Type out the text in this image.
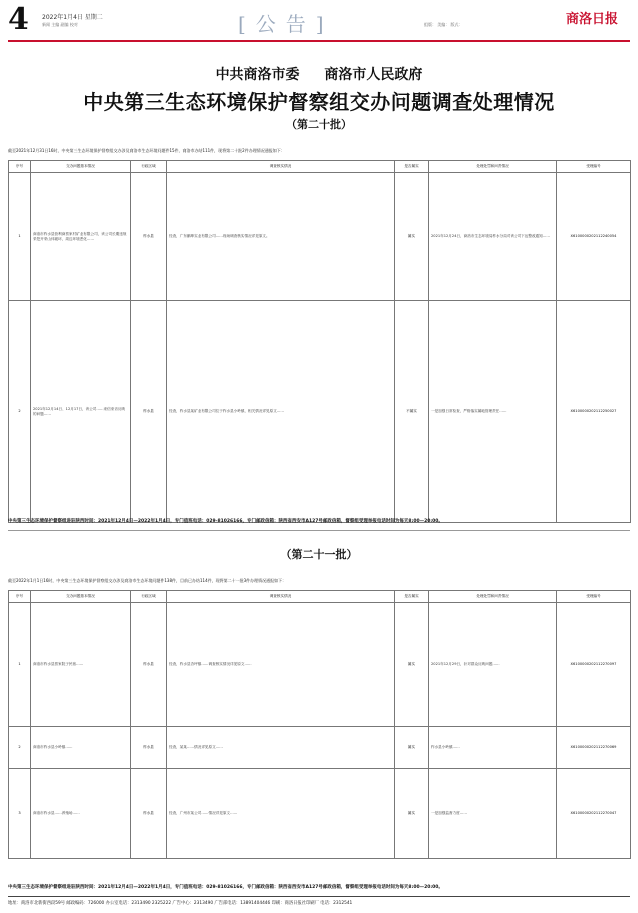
4 2022年1月4日 星期二
新闻 主编 副编 校对	[公告]	组版： 美编： 版式：	商洛日报
中共商洛市委 商洛市人民政府
中央第三生态环境保护督察组交办问题调查处理情况
（第二十批）
截至2021年12月31日16时，中央第三生态环境保护督察组交办涉及商洛市生态环境问题件15件，商洛市办结111件，现将第二十批2件办理情况通报如下：
序号	交办问题基本情况	行政区域	调查核实情况	是否属实	处理处罚和问责情况	受理编号
1	商洛市柞水县营利商蔡家村矿业有限公司，该公司长期违规采挖开采山体破坏，周边环境恶化……	柞水县	经查，广东鹏坤实业有限公司……现场调查核实情况详见原文。	属实	2021年12月24日，商洛市生态环境局柞水分局对该公司下达整改通知……	X6100000202112240054
2	2021年12月14日、12月17日，该公司……来信来访反映的问题……	柞水县	经查，柞水县某矿业有限公司位于柞水县小岭镇，相关情况详见原文……	不属实	一是加强日常检查，严格落实属地管理责任……	X6100000202112250027
中央第三生态环境保护督察组进驻陕西时间：2021年12月4日—2022年1月4日，专门值班电话：029-81026166，专门邮政信箱：陕西省西安市A127号邮政信箱，督察组受理举报电话时间为每天8:00—20:00。
（第二十一批）
截至2022年1月1日16时，中央第三生态环境保护督察组交办涉及商洛市生态环境问题件138件，目前已办结114件，现将第二十一批3件办理情况通报如下：
序号	交办问题基本情况	行政区域	调查核实情况	是否属实	处理处罚和问责情况	受理编号
1	商洛市柞水县蔡家院子民宿……	柞水县	经查，柞水县杏坪镇……调查核实情况详见原文……	属实	2021年12月29日，针对群众反映问题……	X6100000202112270097
2	商洛市柞水县小岭镇……	柞水县	经查，某某……情况详见原文……	属实	柞水县小岭镇……	X6100000202112270069
3	商洛市柞水县……养殖场……	柞水县	经查，广州市某公司……情况详见原文……	属实	一是加强监督力度……	X6100000202112270047
中央第三生态环境保护督察组进驻陕西时间：2021年12月4日—2022年1月4日，专门值班电话：029-81026166，专门邮政信箱：陕西省西安市A127号邮政信箱，督察组受理举报电话时间为每天8:00—20:00。
地址：商洛市北新街西段59号 邮政编码：726000 办公室电话：2313490 2325222 广告中心：2313490 广告部电话：13891404446 印刷：商洛日报社印刷厂 电话：2312541
